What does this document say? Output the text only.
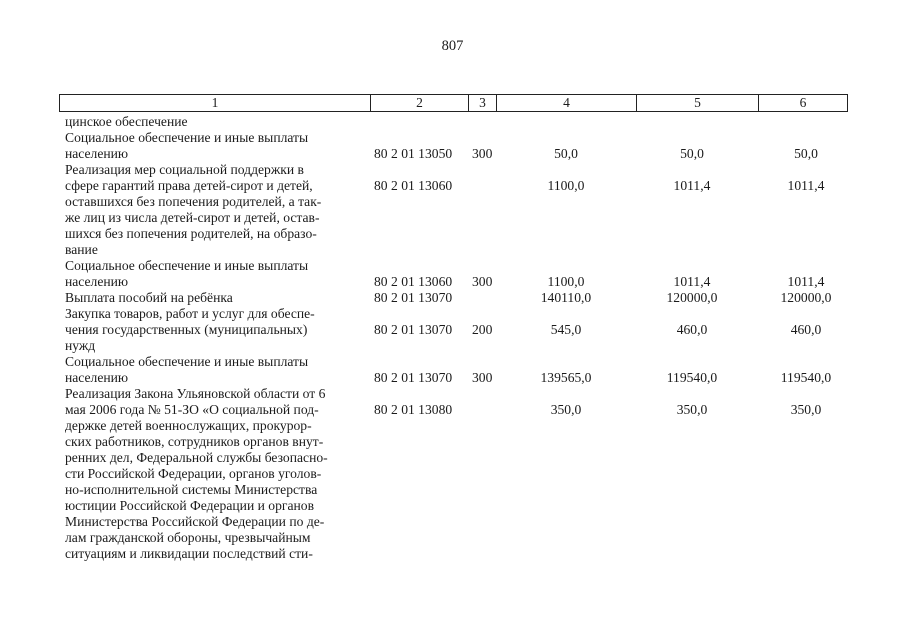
807
1	2	3	4	5	6
цинское обеспечение
Социальное обеспечение и иные выплаты
населению	80 2 01 13050 300	50,0	50,0	50,0
Реализация мер социальной поддержки в
сфере гарантий права детей-сирот и детей,
оставшихся без попечения родителей, а так-
же лиц из числа детей-сирот и детей, остав-
шихся без попечения родителей, на образо-
вание
80 2 01 13060	1100,0	1011,4	1011,4
Социальное обеспечение и иные выплаты
населению	80 2 01 13060 300	1100,0	1011,4	1011,4
Выплата пособий на ребёнка	80 2 01 13070	140110,0	120000,0	120000,0
Закупка товаров, работ и услуг для обеспе-
чения государственных (муниципальных)
нужд
80 2 01 13070 200	545,0	460,0	460,0
Социальное обеспечение и иные выплаты
населению	80 2 01 13070 300	139565,0	119540,0	119540,0
Реализация Закона Ульяновской области от 6
мая 2006 года № 51-ЗО «О социальной под-
держке детей военнослужащих, прокурор-
ских работников, сотрудников органов внут-
ренних дел, Федеральной службы безопасно-
сти Российской Федерации, органов уголов-
но-исполнительной системы Министерства
юстиции Российской Федерации и органов
Министерства Российской Федерации по де-
лам гражданской обороны, чрезвычайным
ситуациям и ликвидации последствий сти-
80 2 01 13080	350,0	350,0	350,0
